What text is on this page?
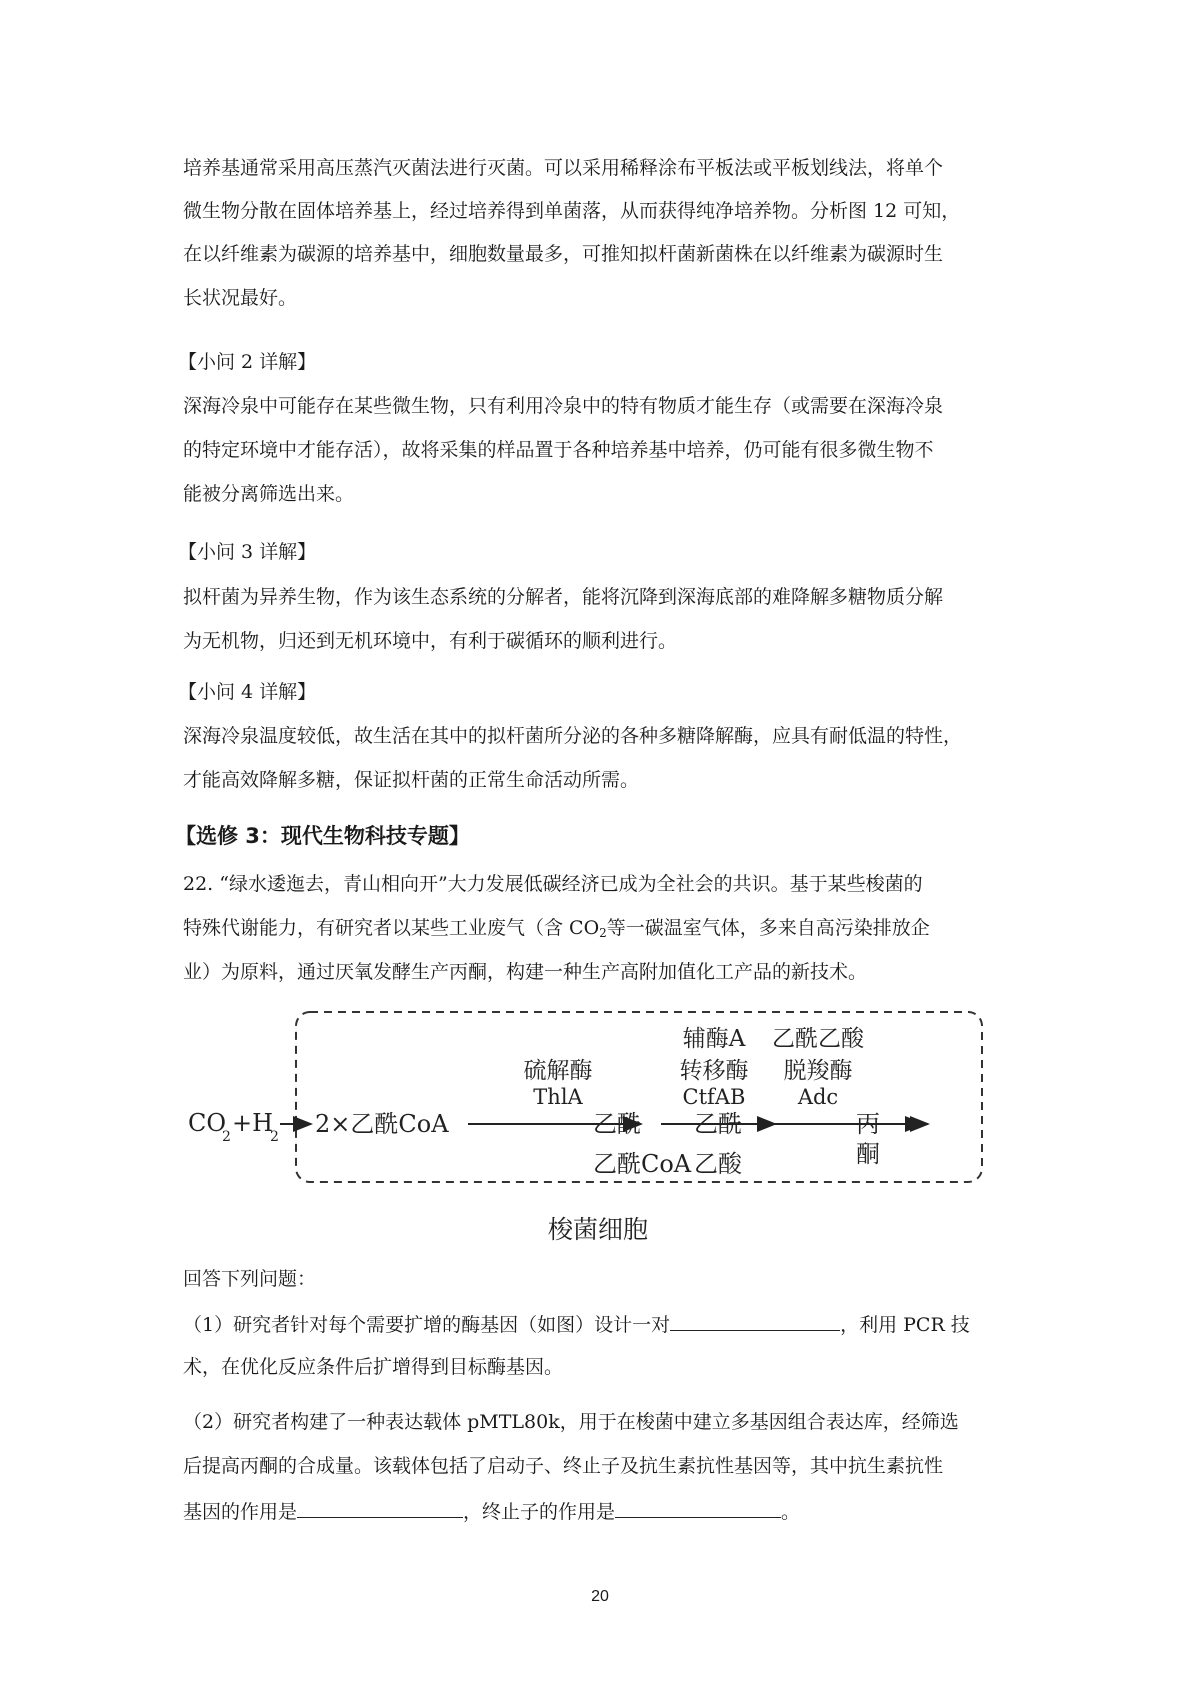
培养基通常采用高压蒸汽灭菌法进行灭菌。可以采用稀释涂布平板法或平板划线法，将单个
微生物分散在固体培养基上，经过培养得到单菌落，从而获得纯净培养物。分析图 12 可知，
在以纤维素为碳源的培养基中，细胞数量最多，可推知拟杆菌新菌株在以纤维素为碳源时生
长状况最好。
【小问 2 详解】
深海冷泉中可能存在某些微生物，只有利用冷泉中的特有物质才能生存（或需要在深海冷泉
的特定环境中才能存活），故将采集的样品置于各种培养基中培养，仍可能有很多微生物不
能被分离筛选出来。
【小问 3 详解】
拟杆菌为异养生物，作为该生态系统的分解者，能将沉降到深海底部的难降解多糖物质分解
为无机物，归还到无机环境中，有利于碳循环的顺利进行。
【小问 4 详解】
深海冷泉温度较低，故生活在其中的拟杆菌所分泌的各种多糖降解酶，应具有耐低温的特性，
才能高效降解多糖，保证拟杆菌的正常生命活动所需。
【选修 3：现代生物科技专题】
22. “绿水逶迤去，青山相向开”大力发展低碳经济已成为全社会的共识。基于某些梭菌的
特殊代谢能力，有研究者以某些工业废气（含 $CO_2$等一碳温室气体，多来自高污染排放企
业）为原料，通过厌氧发酵生产丙酮，构建一种生产高附加值化工产品的新技术。
CO
2 +H
2 2×乙酰CoA
硫解酶
ThlA
乙酰
乙酰CoA
辅酶A
转移酶
CtfAB
乙酰
乙酸
乙酰乙酸
脱羧酶
Adc
丙
酮
梭菌细胞
回答下列问题：
（1）研究者针对每个需要扩增的酶基因（如图）设计一对	，利用 PCR 技
术，在优化反应条件后扩增得到目标酶基因。
（2）研究者构建了一种表达载体 pMTL80k，用于在梭菌中建立多基因组合表达库，经筛选
后提高丙酮的合成量。该载体包括了启动子、终止子及抗生素抗性基因等，其中抗生素抗性
基因的作用是	，终止子的作用是	。
20
